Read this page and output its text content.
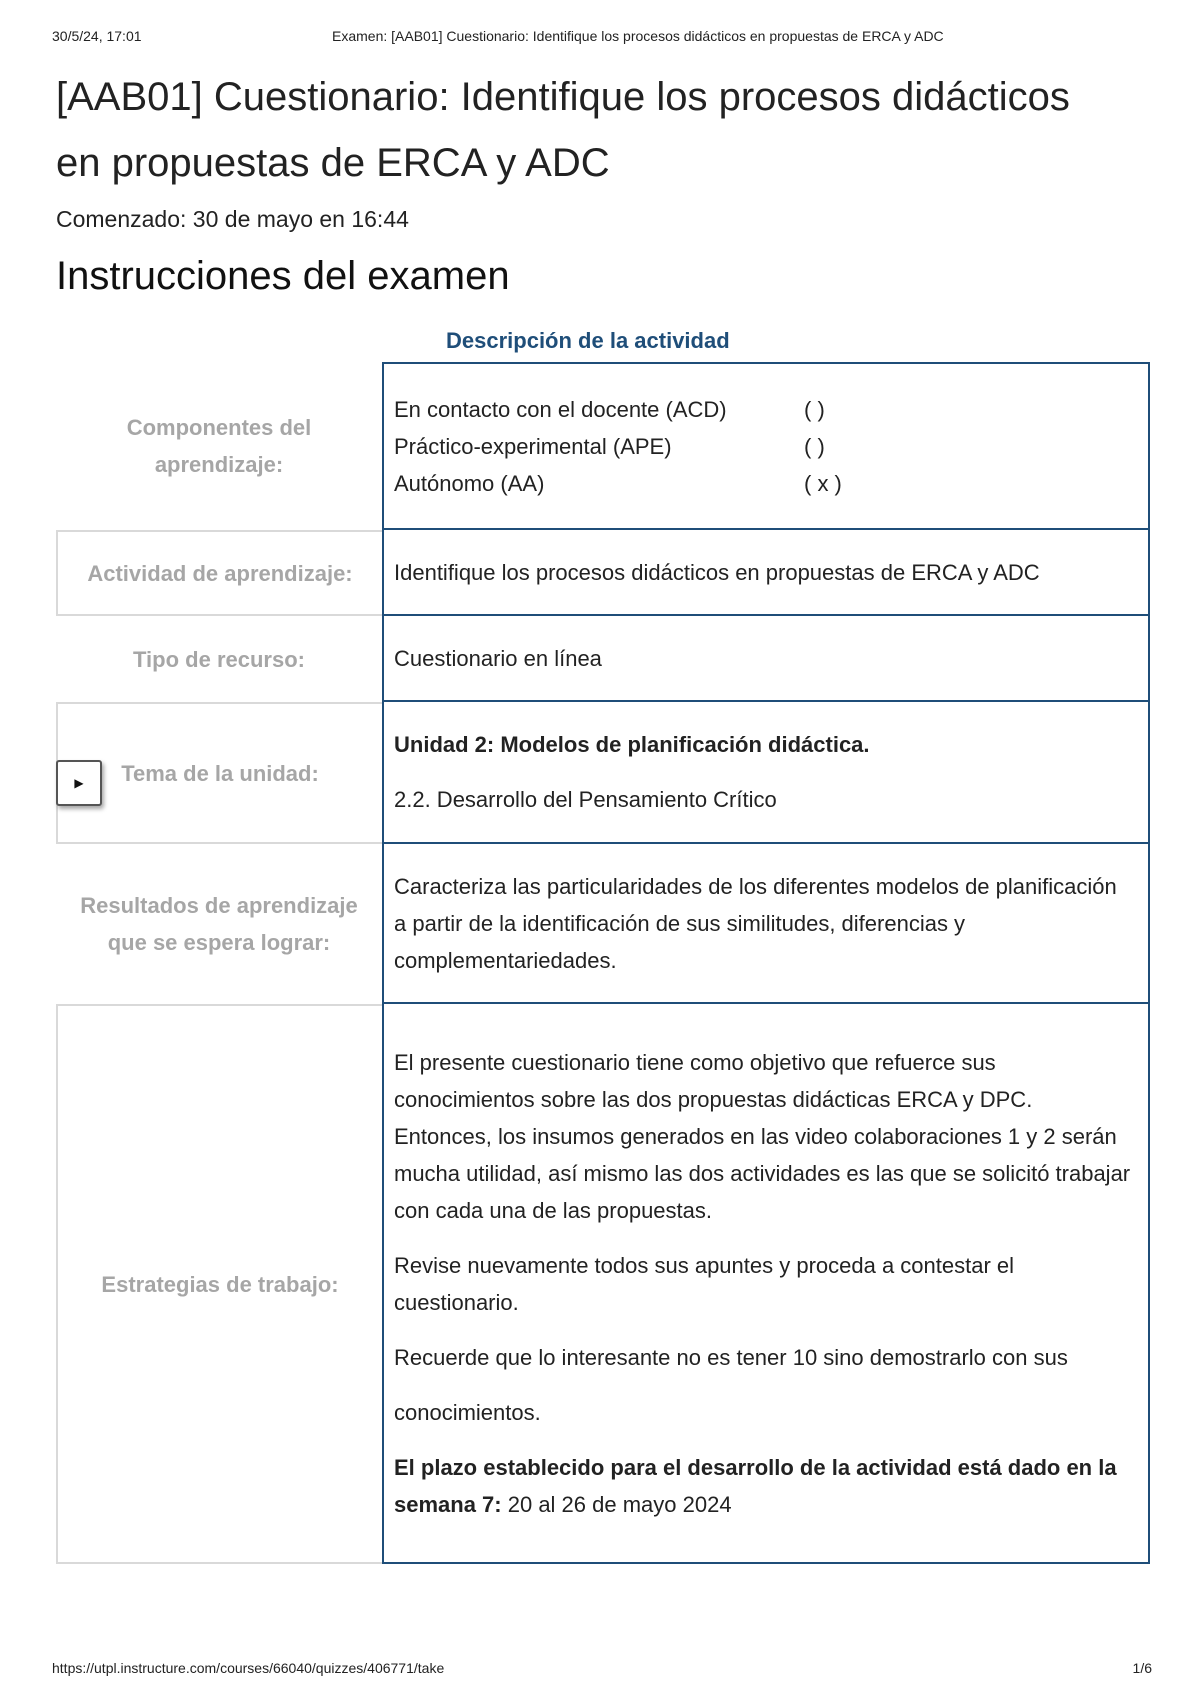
30/5/24, 17:01	Examen: [AAB01] Cuestionario: Identifique los procesos didácticos en propuestas de ERCA y ADC
[AAB01] Cuestionario: Identifique los procesos didácticos en propuestas de ERCA y ADC
Comenzado: 30 de mayo en 16:44
Instrucciones del examen
Descripción de la actividad
Componentes del aprendizaje:
En contacto con el docente (ACD)	( )
Práctico-experimental (APE)	( )
Autónomo (AA)	( x )
Actividad de aprendizaje:	Identifique los procesos didácticos en propuestas de ERCA y ADC

Tipo de recurso:	Cuestionario en línea

Tema de la unidad:

Unidad 2: Modelos de planificación didáctica.

2.2. Desarrollo del Pensamiento Crítico

▶
Resultados de aprendizaje que se espera lograr:

Caracteriza las particularidades de los diferentes modelos de planificación a partir de la identificación de sus similitudes, diferencias y complementariedades.

Estrategias de trabajo:

El presente cuestionario tiene como objetivo que refuerce sus conocimientos sobre las dos propuestas didácticas ERCA y DPC. Entonces, los insumos generados en las video colaboraciones 1 y 2 serán mucha utilidad, así mismo las dos actividades es las que se solicitó trabajar con cada una de las propuestas.

Revise nuevamente todos sus apuntes y proceda a contestar el cuestionario.

Recuerde que lo interesante no es tener 10 sino demostrarlo con sus

conocimientos.

El plazo establecido para el desarrollo de la actividad está dado en la semana 7: 20 al 26 de mayo 2024

https://utpl.instructure.com/courses/66040/quizzes/406771/take	1/6
